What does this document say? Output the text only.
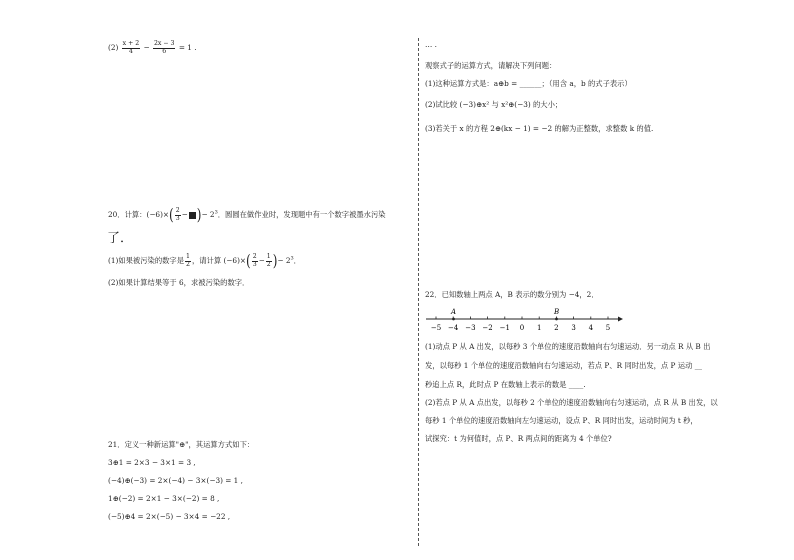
$(2) \frac{x + 2}{4} - \frac{2x - 3}{6} = 1$ .
20．计算：$(-6)\times( \frac{2}{3}$ − )− $2^3$．圆圆在做作业时，发现题中有一个数字被墨水污染
了．
(1)如果被污染的数字是 $\frac{1}{2}$ ，请计算 $(-6)\times( \frac{2}{3} - \frac{1}{2}$ )− $2^3$．
(2)如果计算结果等于 6，求被污染的数字．
21．定义一种新运算"⊕"，其运算方式如下：
3⊕1 = 2×3 − 3×1 = 3 ,
(−4)⊕(−3) = 2×(−4) − 3×(−3) = 1 ,
1⊕(−2) = 2×1 − 3×(−2) = 8 ,
(−5)⊕4 = 2×(−5) − 3×4 = −22 ,
… .
观察式子的运算方式，请解决下列问题：
(1)这种运算方式是：a⊕b = ______；（用含 a，b 的式子表示）
(2)试比较 (−3)⊕x² 与 x²⊕(−3) 的大小；
(3)若关于 x 的方程 2⊕(kx − 1) = −2 的解为正整数，求整数 k 的值.
22．已知数轴上两点 A，B 表示的数分别为 −4，2．
−5 −4 −3 −2 −1 0 1 2 3 4 5
A	B
(1)动点 P 从 A 出发，以每秒 3 个单位的速度沿数轴向右匀速运动．另一动点 R 从 B 出
发，以每秒 1 个单位的速度沿数轴向右匀速运动，若点 P、R 同时出发，点 P 运动 __
秒追上点 R，此时点 P 在数轴上表示的数是 ____.
(2)若点 P 从 A 点出发，以每秒 2 个单位的速度沿数轴向右匀速运动，点 R 从 B 出发，以
每秒 1 个单位的速度沿数轴向左匀速运动，设点 P、R 同时出发，运动时间为 t 秒，
试探究：t 为何值时，点 P、R 两点间的距离为 4 个单位?
